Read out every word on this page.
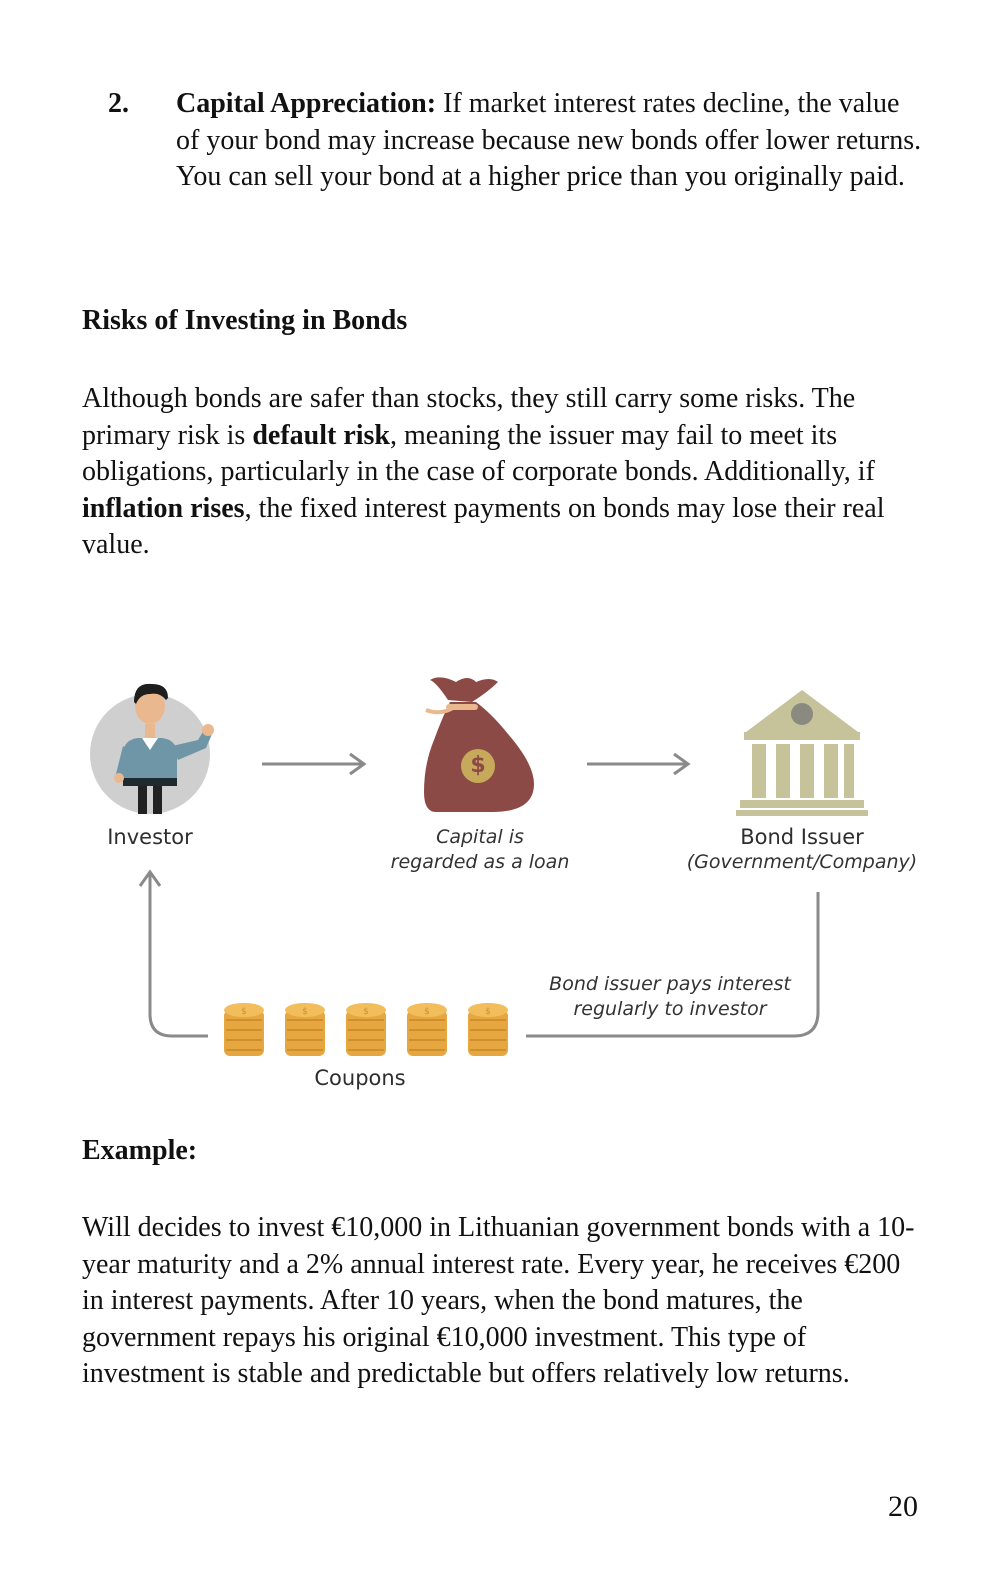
2. Capital Appreciation: If market interest rates decline, the value of your bond may increase because new bonds offer lower returns. You can sell your bond at a higher price than you originally paid.
Risks of Investing in Bonds

Although bonds are safer than stocks, they still carry some risks. The primary risk is default risk, meaning the issuer may fail to meet its obligations, particularly in the case of corporate bonds. Additionally, if inflation rises, the fixed interest payments on bonds may lose their real value.

$	$	$	$	$
$
Investor	Capital is
regarded as a loan
Bond Issuer
(Government/Company)
Bond issuer pays interest
regularly to investor
Coupons
Example:

Will decides to invest €10,000 in Lithuanian government bonds with a 10-year maturity and a 2% annual interest rate. Every year, he receives €200 in interest payments. After 10 years, when the bond matures, the government repays his original €10,000 investment. This type of investment is stable and predictable but offers relatively low returns.

20
